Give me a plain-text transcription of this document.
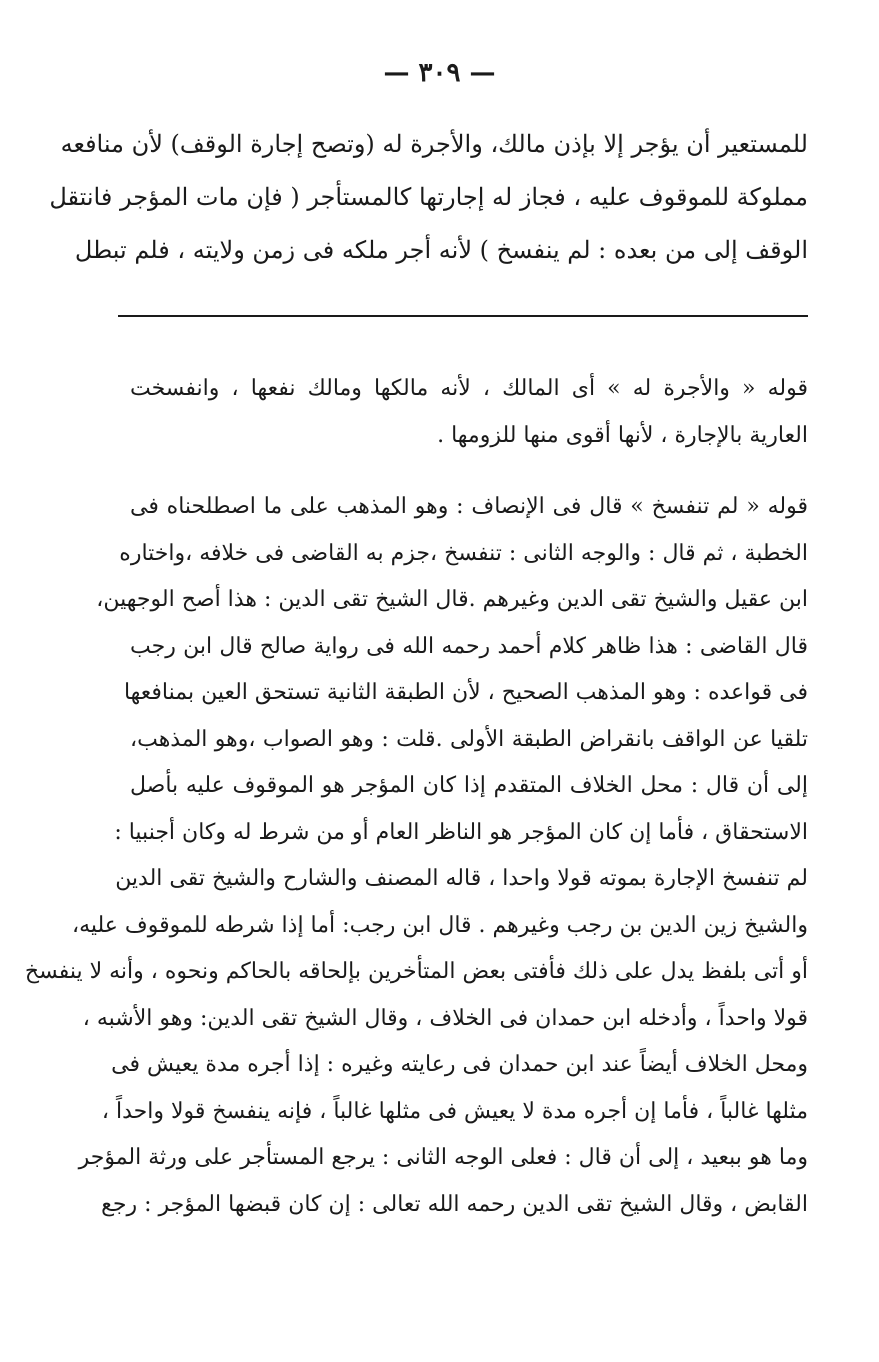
— ٣٠٩ —
للمستعير أن يؤجر إلا بإذن مالك، والأجرة له (وتصح إجارة الوقف) لأن منافعه
مملوكة للموقوف عليه ، فجاز له إجارتها كالمستأجر ( فإن مات المؤجر فانتقل
الوقف إلى من بعده : لم ينفسخ ) لأنه أجر ملكه فى زمن ولايته ، فلم تبطل
قوله « والأجرة له » أى المالك ، لأنه مالكها ومالك نفعها ، وانفسخت
العارية بالإجارة ، لأنها أقوى منها للزومها .
قوله « لم تنفسخ » قال فى الإنصاف : وهو المذهب على ما اصطلحناه فى
الخطبة ، ثم قال : والوجه الثانى : تنفسخ ،جزم به القاضى فى خلافه ،واختاره
ابن عقيل والشيخ تقى الدين وغيرهم .قال الشيخ تقى الدين : هذا أصح الوجهين،
قال القاضى : هذا ظاهر كلام أحمد رحمه الله فى رواية صالح قال ابن رجب
فى قواعده : وهو المذهب الصحيح ، لأن الطبقة الثانية تستحق العين بمنافعها
تلقيا عن الواقف بانقراض الطبقة الأولى .قلت : وهو الصواب ،وهو المذهب،
إلى أن قال : محل الخلاف المتقدم إذا كان المؤجر هو الموقوف عليه بأصل
الاستحقاق ، فأما إن كان المؤجر هو الناظر العام أو من شرط له وكان أجنبيا :
لم تنفسخ الإجارة بموته قولا واحدا ، قاله المصنف والشارح والشيخ تقى الدين
والشيخ زين الدين بن رجب وغيرهم . قال ابن رجب: أما إذا شرطه للموقوف عليه،
أو أتى بلفظ يدل على ذلك فأفتى بعض المتأخرين بإلحاقه بالحاكم ونحوه ، وأنه لا ينفسخ
قولا واحداً ، وأدخله ابن حمدان فى الخلاف ، وقال الشيخ تقى الدين: وهو الأشبه ،
ومحل الخلاف أيضاً عند ابن حمدان فى رعايته وغيره : إذا أجره مدة يعيش فى
مثلها غالباً ، فأما إن أجره مدة لا يعيش فى مثلها غالباً ، فإنه ينفسخ قولا واحداً ،
وما هو ببعيد ، إلى أن قال : فعلى الوجه الثانى : يرجع المستأجر على ورثة المؤجر
القابض ، وقال الشيخ تقى الدين رحمه الله تعالى : إن كان قبضها المؤجر : رجع
